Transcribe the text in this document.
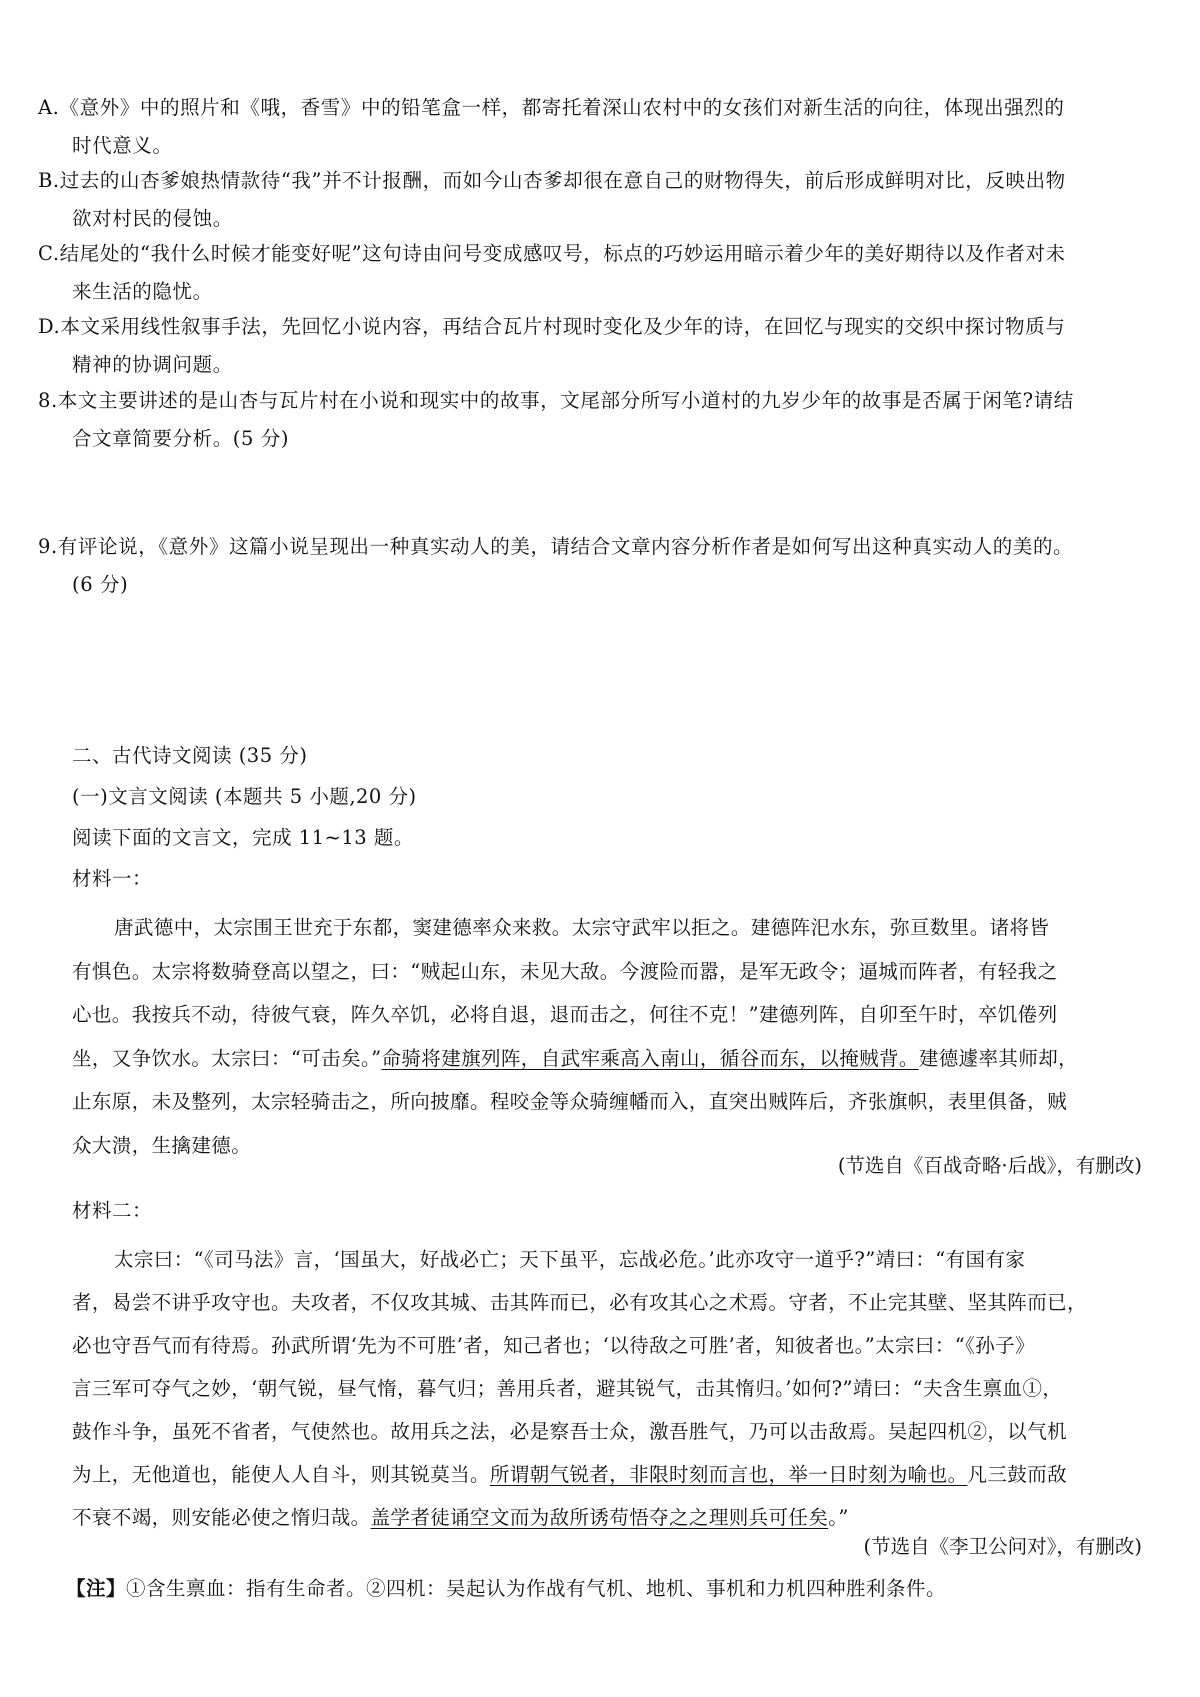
A.《意外》中的照片和《哦，香雪》中的铅笔盒一样，都寄托着深山农村中的女孩们对新生活的向往，体现出强烈的
时代意义。
B.过去的山杏爹娘热情款待“我”并不计报酬，而如今山杏爹却很在意自己的财物得失，前后形成鲜明对比，反映出物
欲对村民的侵蚀。
C.结尾处的“我什么时候才能变好呢”这句诗由问号变成感叹号，标点的巧妙运用暗示着少年的美好期待以及作者对未
来生活的隐忧。
D.本文采用线性叙事手法，先回忆小说内容，再结合瓦片村现时变化及少年的诗，在回忆与现实的交织中探讨物质与
精神的协调问题。
8.本文主要讲述的是山杏与瓦片村在小说和现实中的故事，文尾部分所写小道村的九岁少年的故事是否属于闲笔?请结
合文章简要分析。(5 分)
9.有评论说，《意外》这篇小说呈现出一种真实动人的美，请结合文章内容分析作者是如何写出这种真实动人的美的。
(6 分)
二、古代诗文阅读 (35 分)
(一)文言文阅读 (本题共 5 小题,20 分)
阅读下面的文言文，完成 11~13 题。
材料一：
唐武德中，太宗围王世充于东都，窦建德率众来救。太宗守武牢以拒之。建德阵汜水东，弥亘数里。诸将皆
有惧色。太宗将数骑登高以望之，曰：“贼起山东，未见大敌。今渡险而嚣，是军无政令；逼城而阵者，有轻我之
心也。我按兵不动，待彼气衰，阵久卒饥，必将自退，退而击之，何往不克！”建德列阵，自卯至午时，卒饥倦列
坐，又争饮水。太宗曰：“可击矣。”命骑将建旗列阵，自武牢乘高入南山，循谷而东，以掩贼背。建德遽率其师却，
止东原，未及整列，太宗轻骑击之，所向披靡。程咬金等众骑缠幡而入，直突出贼阵后，齐张旗帜，表里俱备，贼
众大溃，生擒建德。
(节选自《百战奇略·后战》，有删改)
材料二：
太宗曰：“《司马法》言，‘国虽大，好战必亡；天下虽平，忘战必危。’此亦攻守一道乎?”靖曰：“有国有家
者，曷尝不讲乎攻守也。夫攻者，不仅攻其城、击其阵而已，必有攻其心之术焉。守者，不止完其壁、坚其阵而已，
必也守吾气而有待焉。孙武所谓‘先为不可胜’者，知己者也；‘以待敌之可胜’者，知彼者也。”太宗曰：“《孙子》
言三军可夺气之妙，‘朝气锐，昼气惰，暮气归；善用兵者，避其锐气，击其惰归。’如何?”靖曰：“夫含生禀血①，
鼓作斗争，虽死不省者，气使然也。故用兵之法，必是察吾士众，激吾胜气，乃可以击敌焉。吴起四机②，以气机
为上，无他道也，能使人人自斗，则其锐莫当。所谓朝气锐者，非限时刻而言也，举一日时刻为喻也。凡三鼓而敌
不衰不竭，则安能必使之惰归哉。盖学者徒诵空文而为敌所诱苟悟夺之之理则兵可任矣。”
(节选自《李卫公问对》，有删改)
【注】①含生禀血：指有生命者。②四机：吴起认为作战有气机、地机、事机和力机四种胜利条件。
